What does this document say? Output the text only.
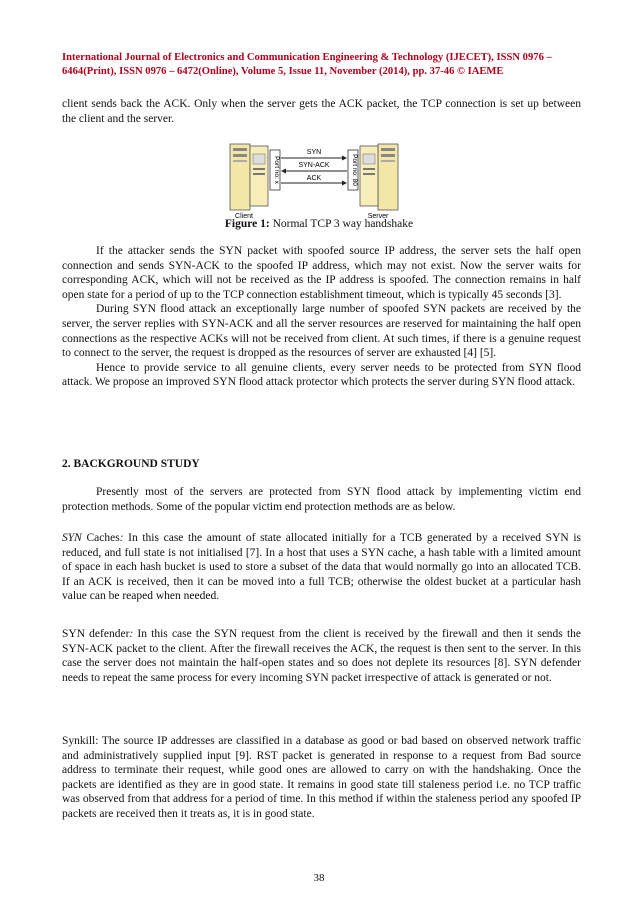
International Journal of Electronics and Communication Engineering & Technology (IJECET), ISSN 0976 –
6464(Print), ISSN 0976 – 6472(Online), Volume 5, Issue 11, November (2014), pp. 37-46 © IAEME

client sends back the ACK. Only when the server gets the ACK packet, the TCP connection is set up between the client and the server.

Port no: x	Port no: 80
SYN
SYN-ACK
ACK
Client	Server
Figure 1: Normal TCP 3 way handshake

If the attacker sends the SYN packet with spoofed source IP address, the server sets the half open connection and sends SYN-ACK to the spoofed IP address, which may not exist. Now the server waits for corresponding ACK, which will not be received as the IP address is spoofed. The connection remains in half open state for a period of up to the TCP connection establishment timeout, which is typically 45 seconds [3].

During SYN flood attack an exceptionally large number of spoofed SYN packets are received by the server, the server replies with SYN-ACK and all the server resources are reserved for maintaining the half open connections as the respective ACKs will not be received from client. At such times, if there is a genuine request to connect to the server, the request is dropped as the resources of server are exhausted [4] [5].

Hence to provide service to all genuine clients, every server needs to be protected from SYN flood attack. We propose an improved SYN flood attack protector which protects the server during SYN flood attack.

2. BACKGROUND STUDY

Presently most of the servers are protected from SYN flood attack by implementing victim end protection methods. Some of the popular victim end protection methods are as below.

SYN Caches: In this case the amount of state allocated initially for a TCB generated by a received SYN is reduced, and full state is not initialised [7]. In a host that uses a SYN cache, a hash table with a limited amount of space in each hash bucket is used to store a subset of the data that would normally go into an allocated TCB. If an ACK is received, then it can be moved into a full TCB; otherwise the oldest bucket at a particular hash value can be reaped when needed.

SYN defender: In this case the SYN request from the client is received by the firewall and then it sends the SYN-ACK packet to the client. After the firewall receives the ACK, the request is then sent to the server. In this case the server does not maintain the half-open states and so does not deplete its resources [8]. SYN defender needs to repeat the same process for every incoming SYN packet irrespective of attack is generated or not.

Synkill: The source IP addresses are classified in a database as good or bad based on observed network traffic and administratively supplied input [9]. RST packet is generated in response to a request from Bad source address to terminate their request, while good ones are allowed to carry on with the handshaking. Once the packets are identified as they are in good state. It remains in good state till staleness period i.e. no TCP traffic was observed from that address for a period of time. In this method if within the staleness period any spoofed IP packets are received then it treats as, it is in good state.

38
